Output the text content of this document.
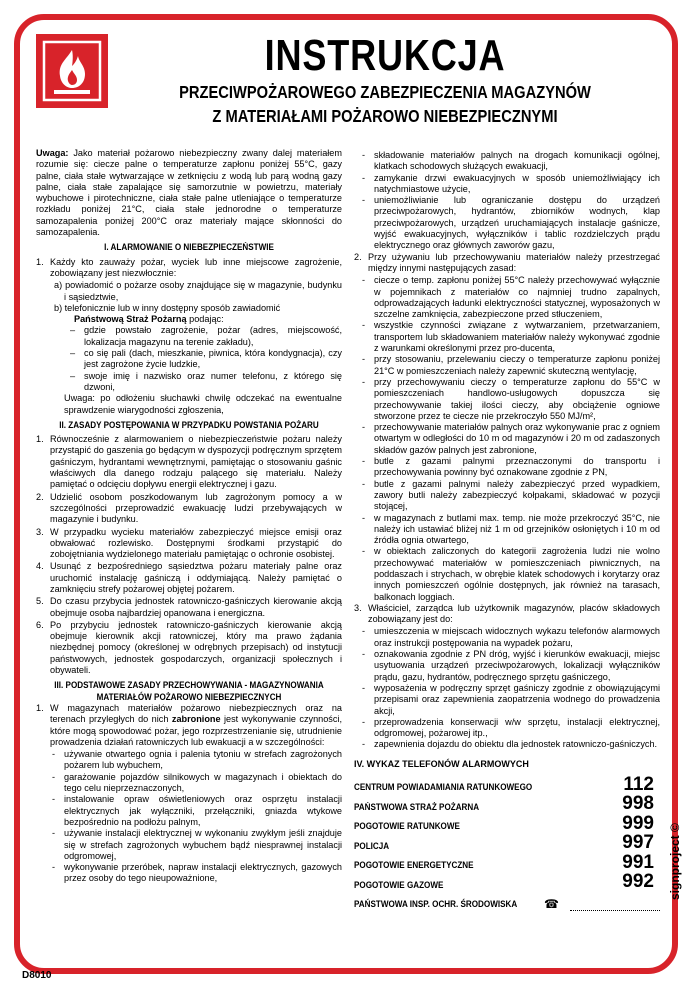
INSTRUKCJA
PRZECIWPOŻAROWEGO ZABEZPIECZENIA MAGAZYNÓW
Z MATERIAŁAMI POŻAROWO NIEBEZPIECZNYMI

Uwaga: Jako materiał pożarowo niebezpieczny zwany dalej materiałem rozumie się: ciecze palne o temperaturze zapłonu poniżej 55°C, gazy palne, ciała stałe wytwarzające w zetknięciu z wodą lub parą wodną gazy palne, ciała stałe zapalające się samorzutnie w powietrzu, materiały wybuchowe i pirotechniczne, ciała stałe palne utleniające o temperaturze rozkładu poniżej 21°C, ciała stałe jednorodne o temperaturze samozapalenia poniżej 200°C oraz materiały mające skłonności do samozapalenia.

I. ALARMOWANIE O NIEBEZPIECZEŃSTWIE
1. Każdy kto zauważy pożar, wyciek lub inne miejscowe zagrożenie, zobowiązany jest niezwłocznie:
a) powiadomić o pożarze osoby znajdujące się w magazynie, budynku i sąsiedztwie,
b) telefonicznie lub w inny dostępny sposób zawiadomić
Państwową Straż Pożarną podając:
– gdzie powstało zagrożenie, pożar (adres, miejscowość, lokalizacja magazynu na terenie zakładu),
– co się pali (dach, mieszkanie, piwnica, która kondygnacja), czy jest zagrożone życie ludzkie,
– swoje imię i nazwisko oraz numer telefonu, z którego się dzwoni,
Uwaga: po odłożeniu słuchawki chwilę odczekać na ewentualne sprawdzenie wiarygodności zgłoszenia,
II. ZASADY POSTĘPOWANIA W PRZYPADKU POWSTANIA POŻARU
1. Równocześnie z alarmowaniem o niebezpieczeństwie pożaru należy przystąpić do gaszenia go będącym w dyspozycji podręcznym sprzętem gaśniczym, hydrantami wewnętrznymi, pamiętając o stosowaniu gaśnic właściwych dla danego rodzaju palącego się materiału. Należy pamiętać o odcięciu dopływu energii elektrycznej i gazu.
2. Udzielić osobom poszkodowanym lub zagrożonym pomocy a w szczególności przeprowadzić ewakuację ludzi przebywających w magazynie i budynku.
3. W przypadku wycieku materiałów zabezpieczyć miejsce emisji oraz obwałować rozlewisko. Dostępnymi środkami przystąpić do zobojętniania wydzielonego materiału pamiętając o ochronie osobistej.
4. Usunąć z bezpośredniego sąsiedztwa pożaru materiały palne oraz uruchomić instalację gaśniczą i oddymiającą. Należy pamiętać o zamknięciu strefy pożarowej objętej pożarem.
5. Do czasu przybycia jednostek ratowniczo-gaśniczych kierowanie akcją obejmuje osoba najbardziej opanowana i energiczna.
6. Po przybyciu jednostek ratowniczo-gaśniczych kierowanie akcją obejmuje kierownik akcji ratowniczej, który ma prawo żądania niezbędnej pomocy (określonej w odrębnych przepisach) od instytucji państwowych, jednostek gospodarczych, organizacji społecznych i obywateli.
III. PODSTAWOWE ZASADY PRZECHOWYWANIA - MAGAZYNOWANIA
MATERIAŁÓW POŻAROWO NIEBEZPIECZNYCH
1. W magazynach materiałów pożarowo niebezpiecznych oraz na terenach przyległych do nich zabronione jest wykonywanie czynności, które mogą spowodować pożar, jego rozprzestrzenianie się, utrudnienie prowadzenia działań ratowniczych lub ewakuacji a w szczególności:
- używanie otwartego ognia i palenia tytoniu w strefach zagrożonych pożarem lub wybuchem,
- garażowanie pojazdów silnikowych w magazynach i obiektach do tego celu nieprzeznaczonych,
- instalowanie opraw oświetleniowych oraz osprzętu instalacji elektrycznych jak wyłączniki, przełączniki, gniazda wtykowe bezpośrednio na podłożu palnym,
- używanie instalacji elektrycznej w wykonaniu zwykłym jeśli znajduje się w strefach zagrożonych wybuchem bądź niesprawnej instalacji odgromowej,
- wykonywanie przeróbek, napraw instalacji elektrycznych, gazowych przez osoby do tego nieupoważnione,
- składowanie materiałów palnych na drogach komunikacji ogólnej, klatkach schodowych służących ewakuacji,
- zamykanie drzwi ewakuacyjnych w sposób uniemożliwiający ich natychmiastowe użycie,
- uniemożliwianie lub ograniczanie dostępu do urządzeń przeciwpożarowych, hydrantów, zbiorników wodnych, klap przeciwpożarowych, urządzeń uruchamiających instalacje gaśnicze, wyjść ewakuacyjnych, wyłączników i tablic rozdzielczych prądu elektrycznego oraz głównych zaworów gazu,
2. Przy używaniu lub przechowywaniu materiałów należy przestrzegać między innymi następujących zasad:
- ciecze o temp. zapłonu poniżej 55°C należy przechowywać wyłącznie w pojemnikach z materiałów co najmniej trudno zapalnych, odprowadzających ładunki elektryczności statycznej, wyposażonych w szczelne zamknięcia, zabezpieczone przed stłuczeniem,
- wszystkie czynności związane z wytwarzaniem, przetwarzaniem, transportem lub składowaniem materiałów należy wykonywać zgodnie z warunkami określonymi przez pro-ducenta,
- przy stosowaniu, przelewaniu cieczy o temperaturze zapłonu poniżej 21°C w pomieszczeniach należy zapewnić skuteczną wentylację,
- przy przechowywaniu cieczy o temperaturze zapłonu do 55°C w pomieszczeniach handlowo-usługowych dopuszcza się przechowywanie takiej ilości cieczy, aby obciążenie ogniowe stworzone przez te ciecze nie przekroczyło 550 MJ/m²,
- przechowywanie materiałów palnych oraz wykonywanie prac z ogniem otwartym w odległości do 10 m od magazynów i 20 m od zadaszonych składów gazów palnych jest zabronione,
- butle z gazami palnymi przeznaczonymi do transportu i przechowywania powinny być oznakowane zgodnie z PN,
- butle z gazami palnymi należy zabezpieczyć przed wypadkiem, zawory butli należy zabezpieczyć kołpakami, składować w pozycji stojącej,
- w magazynach z butlami max. temp. nie może przekroczyć 35°C, nie należy ich ustawiać bliżej niż 1 m od grzejników osłoniętych i 10 m od źródła ognia otwartego,
- w obiektach zaliczonych do kategorii zagrożenia ludzi nie wolno przechowywać materiałów w pomieszczeniach piwnicznych, na poddaszach i strychach, w obrębie klatek schodowych i korytarzy oraz innych pomieszczeń ogólnie dostępnych, jak również na tarasach, balkonach loggiach.
3. Właściciel, zarządca lub użytkownik magazynów, placów składowych zobowiązany jest do:
- umieszczenia w miejscach widocznych wykazu telefonów alarmowych oraz instrukcji postępowania na wypadek pożaru,
- oznakowania zgodnie z PN dróg, wyjść i kierunków ewakuacji, miejsc usytuowania urządzeń przeciwpożarowych, lokalizacji wyłączników prądu, gazu, hydrantów, podręcznego sprzętu gaśniczego,
- wyposażenia w podręczny sprzęt gaśniczy zgodnie z obowiązującymi przepisami oraz zapewnienia zaopatrzenia wodnego do prowadzenia akcji,
- przeprowadzenia konserwacji w/w sprzętu, instalacji elektrycznej, odgromowej, pożarowej itp.,
- zapewnienia dojazdu do obiektu dla jednostek ratowniczo-gaśniczych.
IV. WYKAZ TELEFONÓW ALARMOWYCH
CENTRUM POWIADAMIANIA RATUNKOWEGO	112
PAŃSTWOWA STRAŻ POŻARNA	998
POGOTOWIE RATUNKOWE	999
POLICJA	997
POGOTOWIE ENERGETYCZNE	991
POGOTOWIE GAZOWE	992
PAŃSTWOWA INSP. OCHR. ŚRODOWISKA	☎
signproject ©
D8010
